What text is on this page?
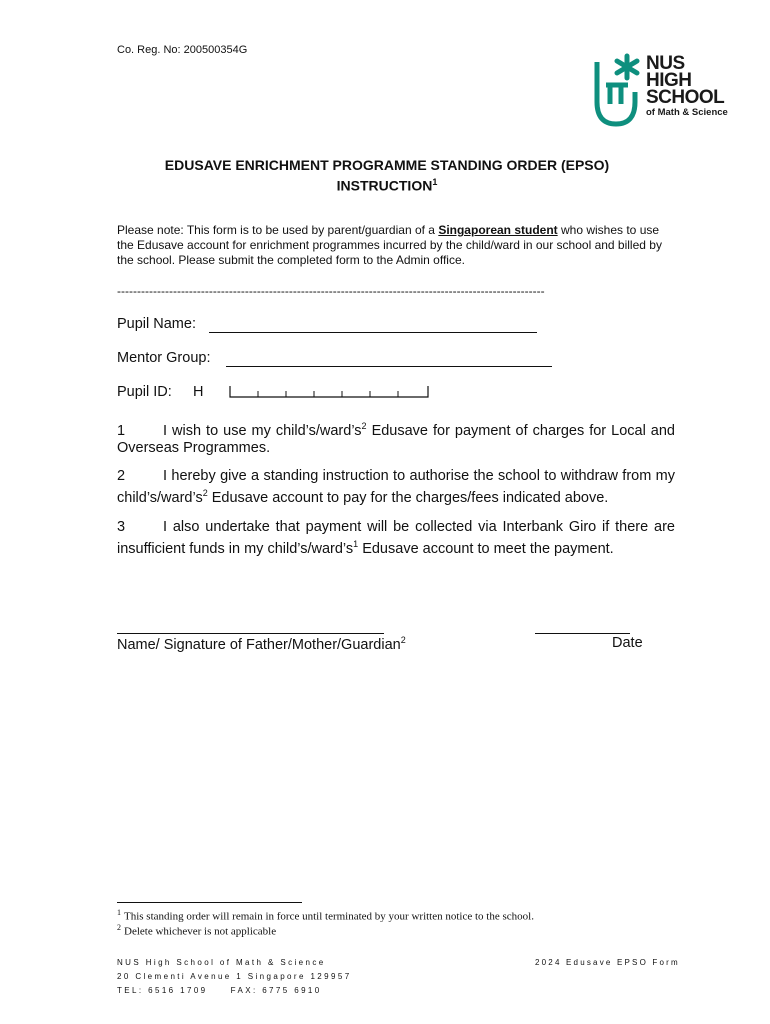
Co. Reg. No: 200500354G
NUS
HIGH
SCHOOL
of Math & Science
EDUSAVE ENRICHMENT PROGRAMME STANDING ORDER (EPSO)
INSTRUCTION$^1$
Please note: This form is to be used by parent/guardian of a Singaporean student who wishes to use the Edusave account for enrichment programmes incurred by the child/ward in our school and billed by the school. Please submit the completed form to the Admin office.
-----------------------------------------------------------------------------------------------------------
Pupil Name:
Mentor Group:
Pupil ID: H
1	I wish to use my $child’s/ward’s^2$ Edusave for payment of charges for Local and Overseas Programmes.
2	I hereby give a standing instruction to authorise the school to withdraw from my $child’s/ward’s^2$ Edusave account to pay for the charges/fees indicated above.
3	I also undertake that payment will be collected via Interbank Giro if there are insufficient funds in my $child’s/ward’s^1$ Edusave account to meet the payment.
Name/ Signature of Father/Mother/Guardian$^2$	Date
$^1$ This standing order will remain in force until terminated by your written notice to the school.
$^2$ Delete whichever is not applicable
NUS High School of Math & Science
20 Clementi Avenue 1 Singapore 129957
TEL: 6516 1709     FAX: 6775 6910
2024 Edusave EPSO Form
